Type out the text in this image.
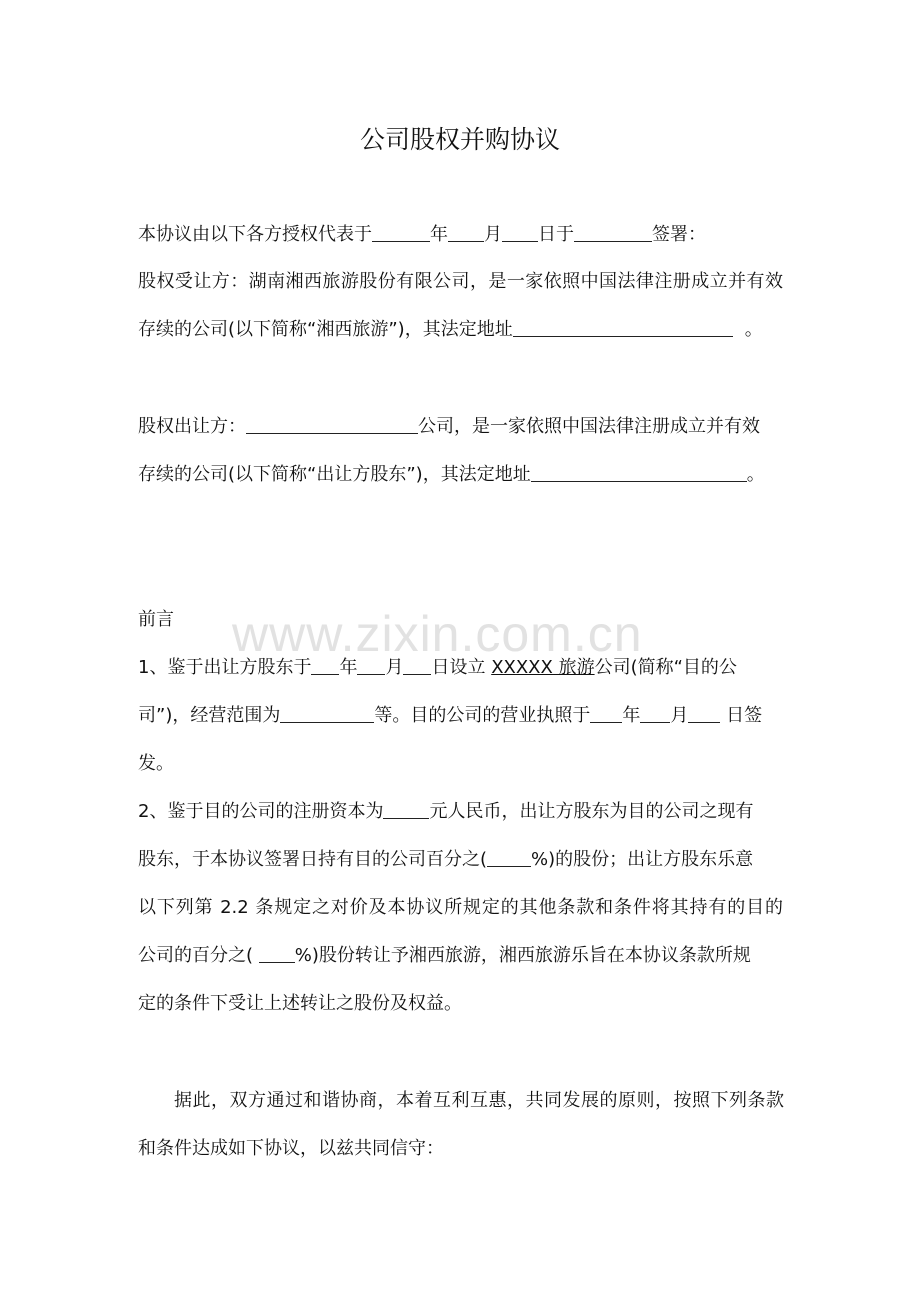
公司股权并购协议
www.zixin.com.cn
本协议由以下各方授权代表于	年 月 日于	签署：
股权受让方：湖南湘西旅游股份有限公司，是一家依照中国法律注册成立并有效
存续的公司(以下简称“湘西旅游”)，其法定地址	。
股权出让方：	公司，是一家依照中国法律注册成立并有效
存续的公司(以下简称“出让方股东”)，其法定地址	。
前言
1、鉴于出让方股东于 年 月 日设立 XXXXX 旅游公司(简称“目的公
司”)，经营范围为	等。目的公司的营业执照于 年 月 日签
发。
2、鉴于目的公司的注册资本为	元人民币，出让方股东为目的公司之现有
股东，于本协议签署日持有目的公司百分之( %)的股份；出让方股东乐意
以下列第 2.2 条规定之对价及本协议所规定的其他条款和条件将其持有的目的
公司的百分之( %)股份转让予湘西旅游，湘西旅游乐旨在本协议条款所规
定的条件下受让上述转让之股份及权益。
据此，双方通过和谐协商，本着互利互惠，共同发展的原则，按照下列条款
和条件达成如下协议，以兹共同信守：
